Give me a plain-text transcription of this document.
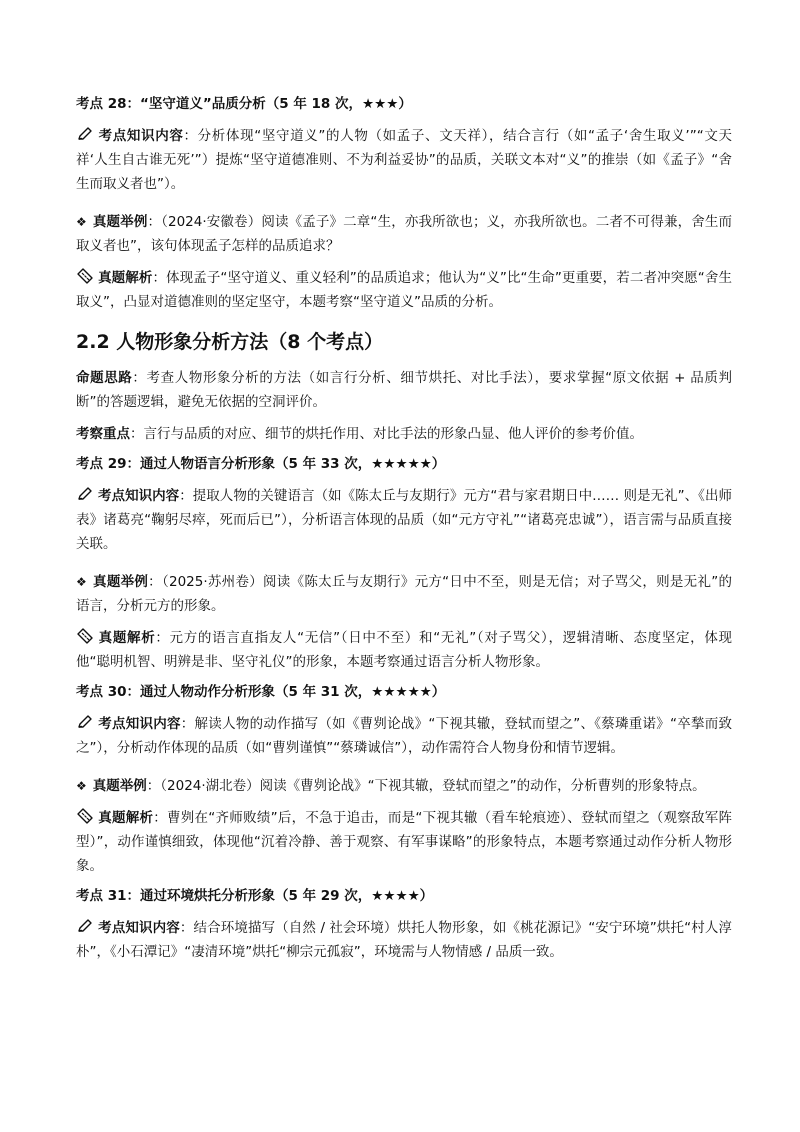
考点 28：“坚守道义”品质分析（5 年 18 次，★★★）

考点知识内容：分析体现“坚守道义”的人物（如孟子、文天祥），结合言行（如“孟子‘舍生取义’”“文天祥‘人生自古谁无死’”）提炼“坚守道德准则、不为利益妥协”的品质，关联文本对“义”的推崇（如《孟子》“舍生而取义者也”）。

❖ 真题举例：（2024·安徽卷）阅读《孟子》二章“生，亦我所欲也；义，亦我所欲也。二者不可得兼，舍生而取义者也”，该句体现孟子怎样的品质追求？

真题解析：体现孟子“坚守道义、重义轻利”的品质追求；他认为“义”比“生命”更重要，若二者冲突愿“舍生取义”，凸显对道德准则的坚定坚守，本题考察“坚守道义”品质的分析。

2.2 人物形象分析方法（8 个考点）

命题思路：考查人物形象分析的方法（如言行分析、细节烘托、对比手法），要求掌握“原文依据 + 品质判断”的答题逻辑，避免无依据的空洞评价。

考察重点：言行与品质的对应、细节的烘托作用、对比手法的形象凸显、他人评价的参考价值。

考点 29：通过人物语言分析形象（5 年 33 次，★★★★★）

考点知识内容：提取人物的关键语言（如《陈太丘与友期行》元方“君与家君期日中…… 则是无礼”、《出师表》诸葛亮“鞠躬尽瘁，死而后已”），分析语言体现的品质（如“元方守礼”“诸葛亮忠诚”），语言需与品质直接关联。

❖ 真题举例：（2025·苏州卷）阅读《陈太丘与友期行》元方“日中不至，则是无信；对子骂父，则是无礼”的语言，分析元方的形象。

真题解析：元方的语言直指友人“无信”（日中不至）和“无礼”（对子骂父），逻辑清晰、态度坚定，体现他“聪明机智、明辨是非、坚守礼仪”的形象，本题考察通过语言分析人物形象。

考点 30：通过人物动作分析形象（5 年 31 次，★★★★★）

考点知识内容：解读人物的动作描写（如《曹刿论战》“下视其辙，登轼而望之”、《蔡璘重诺》“卒揫而致之”），分析动作体现的品质（如“曹刿谨慎”“蔡璘诚信”），动作需符合人物身份和情节逻辑。

❖ 真题举例：（2024·湖北卷）阅读《曹刿论战》“下视其辙，登轼而望之”的动作，分析曹刿的形象特点。

真题解析：曹刿在“齐师败绩”后，不急于追击，而是“下视其辙（看车轮痕迹）、登轼而望之（观察敌军阵型）”，动作谨慎细致，体现他“沉着冷静、善于观察、有军事谋略”的形象特点，本题考察通过动作分析人物形象。

考点 31：通过环境烘托分析形象（5 年 29 次，★★★★）

考点知识内容：结合环境描写（自然 / 社会环境）烘托人物形象，如《桃花源记》“安宁环境”烘托“村人淳朴”，《小石潭记》“凄清环境”烘托“柳宗元孤寂”，环境需与人物情感 / 品质一致。
